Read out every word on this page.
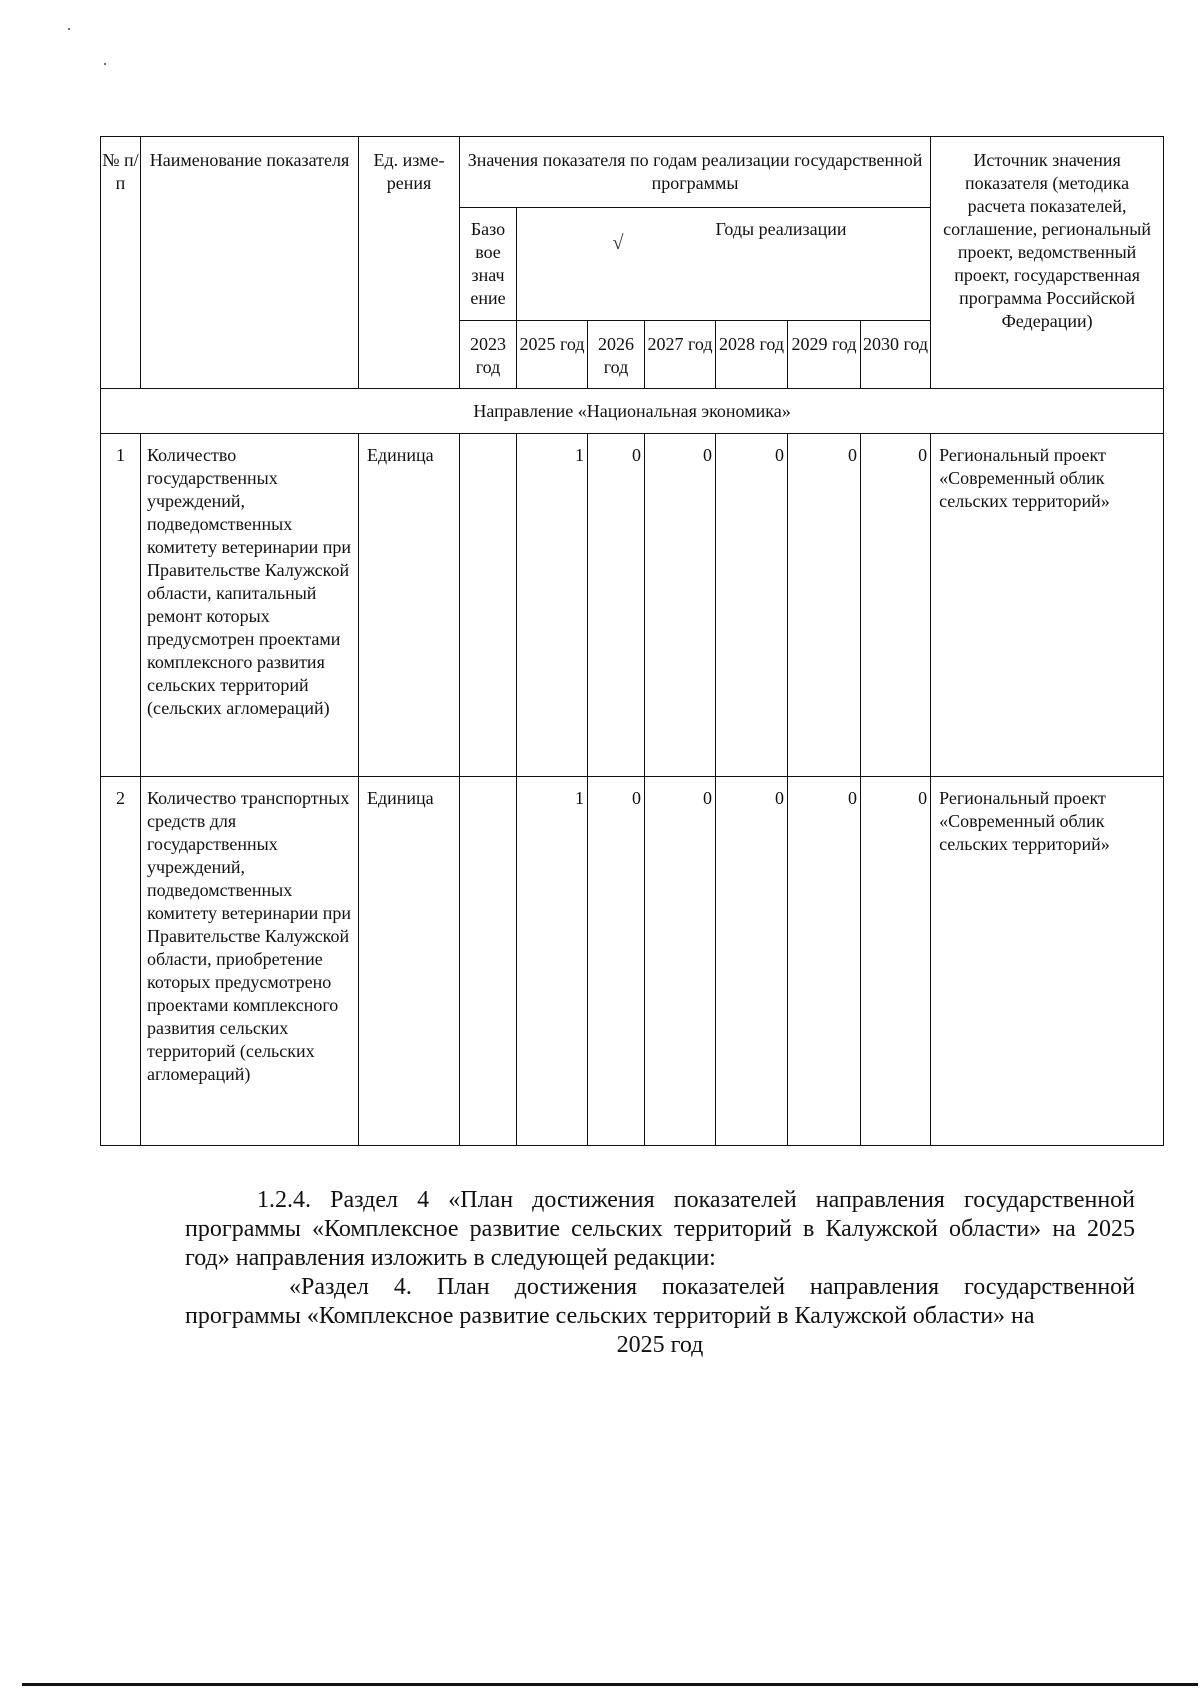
№ п/п	Наименование показателя	Ед. изме-рения	Значения показателя по годам реализации государственной программы							Источник значения показателя (методика расчета показателей, соглашение, региональный проект, ведомственный проект, государственная программа Российской Федерации)
			Базо вое знач ение	√Годы реализации						
			2023 год	2025 год	2026 год	2027 год	2028 год	2029 год	2030 год	
Направление «Национальная экономика»										
1	Количество государственных учреждений, подведомственных комитету ветеринарии при Правительстве Калужской области, капитальный ремонт которых предусмотрен проектами комплексного развития сельских территорий (сельских агломераций)	Единица		1	0	0	0	0	0	Региональный проект «Современный облик сельских территорий»
2	Количество транспортных средств для государственных учреждений, подведомственных комитету ветеринарии при Правительстве Калужской области, приобретение которых предусмотрено проектами комплексного развития сельских территорий (сельских агломераций)	Единица		1	0	0	0	0	0	Региональный проект «Современный облик сельских территорий»

1.2.4. Раздел 4 «План достижения показателей направления государственной программы «Комплексное развитие сельских территорий в Калужской области» на 2025 год» направления изложить в следующей редакции:

«Раздел 4. План достижения показателей направления государственной программы «Комплексное развитие сельских территорий в Калужской области» на

2025 год
